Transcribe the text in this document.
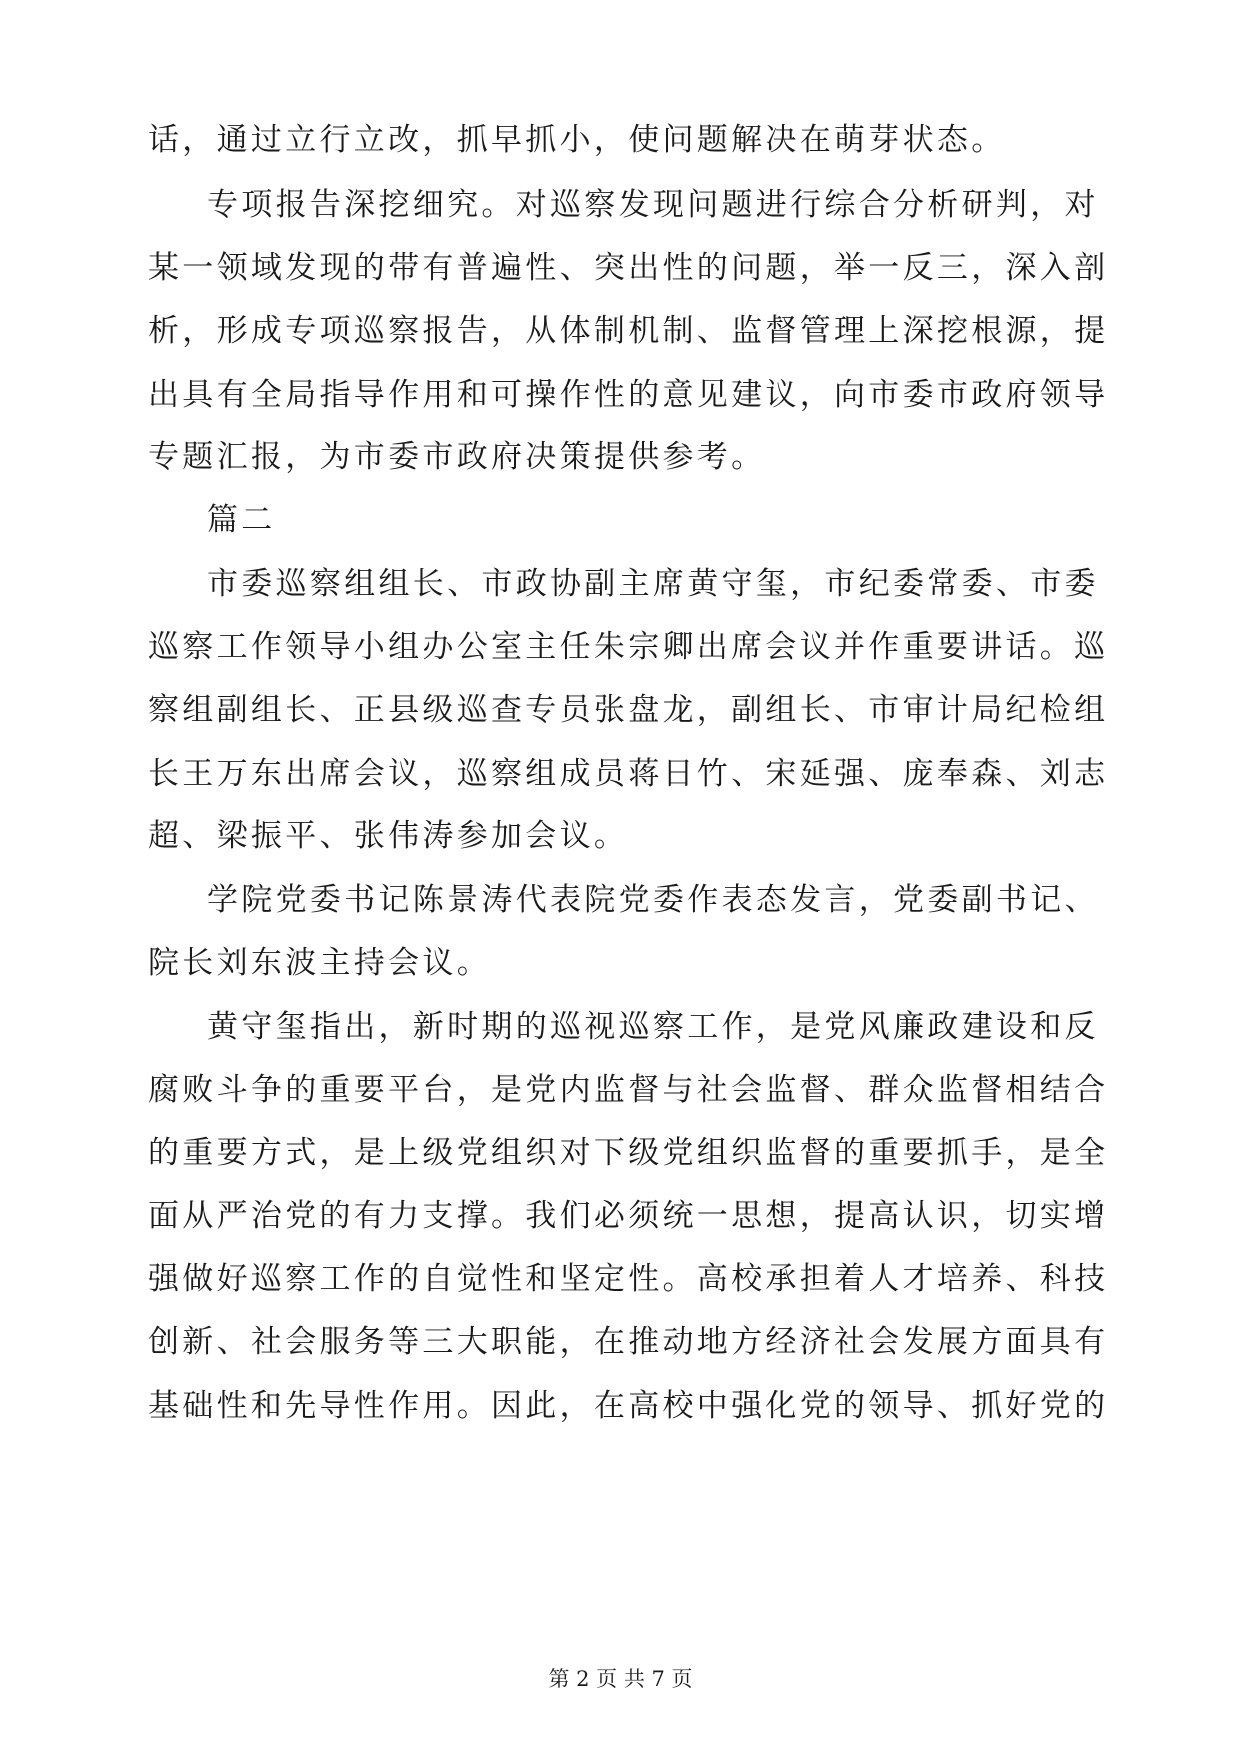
话，通过立行立改，抓早抓小，使问题解决在萌芽状态。
专项报告深挖细究。对巡察发现问题进行综合分析研判，对
某一领域发现的带有普遍性、突出性的问题，举一反三，深入剖
析，形成专项巡察报告，从体制机制、监督管理上深挖根源，提
出具有全局指导作用和可操作性的意见建议，向市委市政府领导
专题汇报，为市委市政府决策提供参考。
篇二
市委巡察组组长、市政协副主席黄守玺，市纪委常委、市委
巡察工作领导小组办公室主任朱宗卿出席会议并作重要讲话。巡
察组副组长、正县级巡查专员张盘龙，副组长、市审计局纪检组
长王万东出席会议，巡察组成员蒋日竹、宋延强、庞奉森、刘志
超、梁振平、张伟涛参加会议。
学院党委书记陈景涛代表院党委作表态发言，党委副书记、
院长刘东波主持会议。
黄守玺指出，新时期的巡视巡察工作，是党风廉政建设和反
腐败斗争的重要平台，是党内监督与社会监督、群众监督相结合
的重要方式，是上级党组织对下级党组织监督的重要抓手，是全
面从严治党的有力支撑。我们必须统一思想，提高认识，切实增
强做好巡察工作的自觉性和坚定性。高校承担着人才培养、科技
创新、社会服务等三大职能，在推动地方经济社会发展方面具有
基础性和先导性作用。因此，在高校中强化党的领导、抓好党的
第 2 页 共 7 页
